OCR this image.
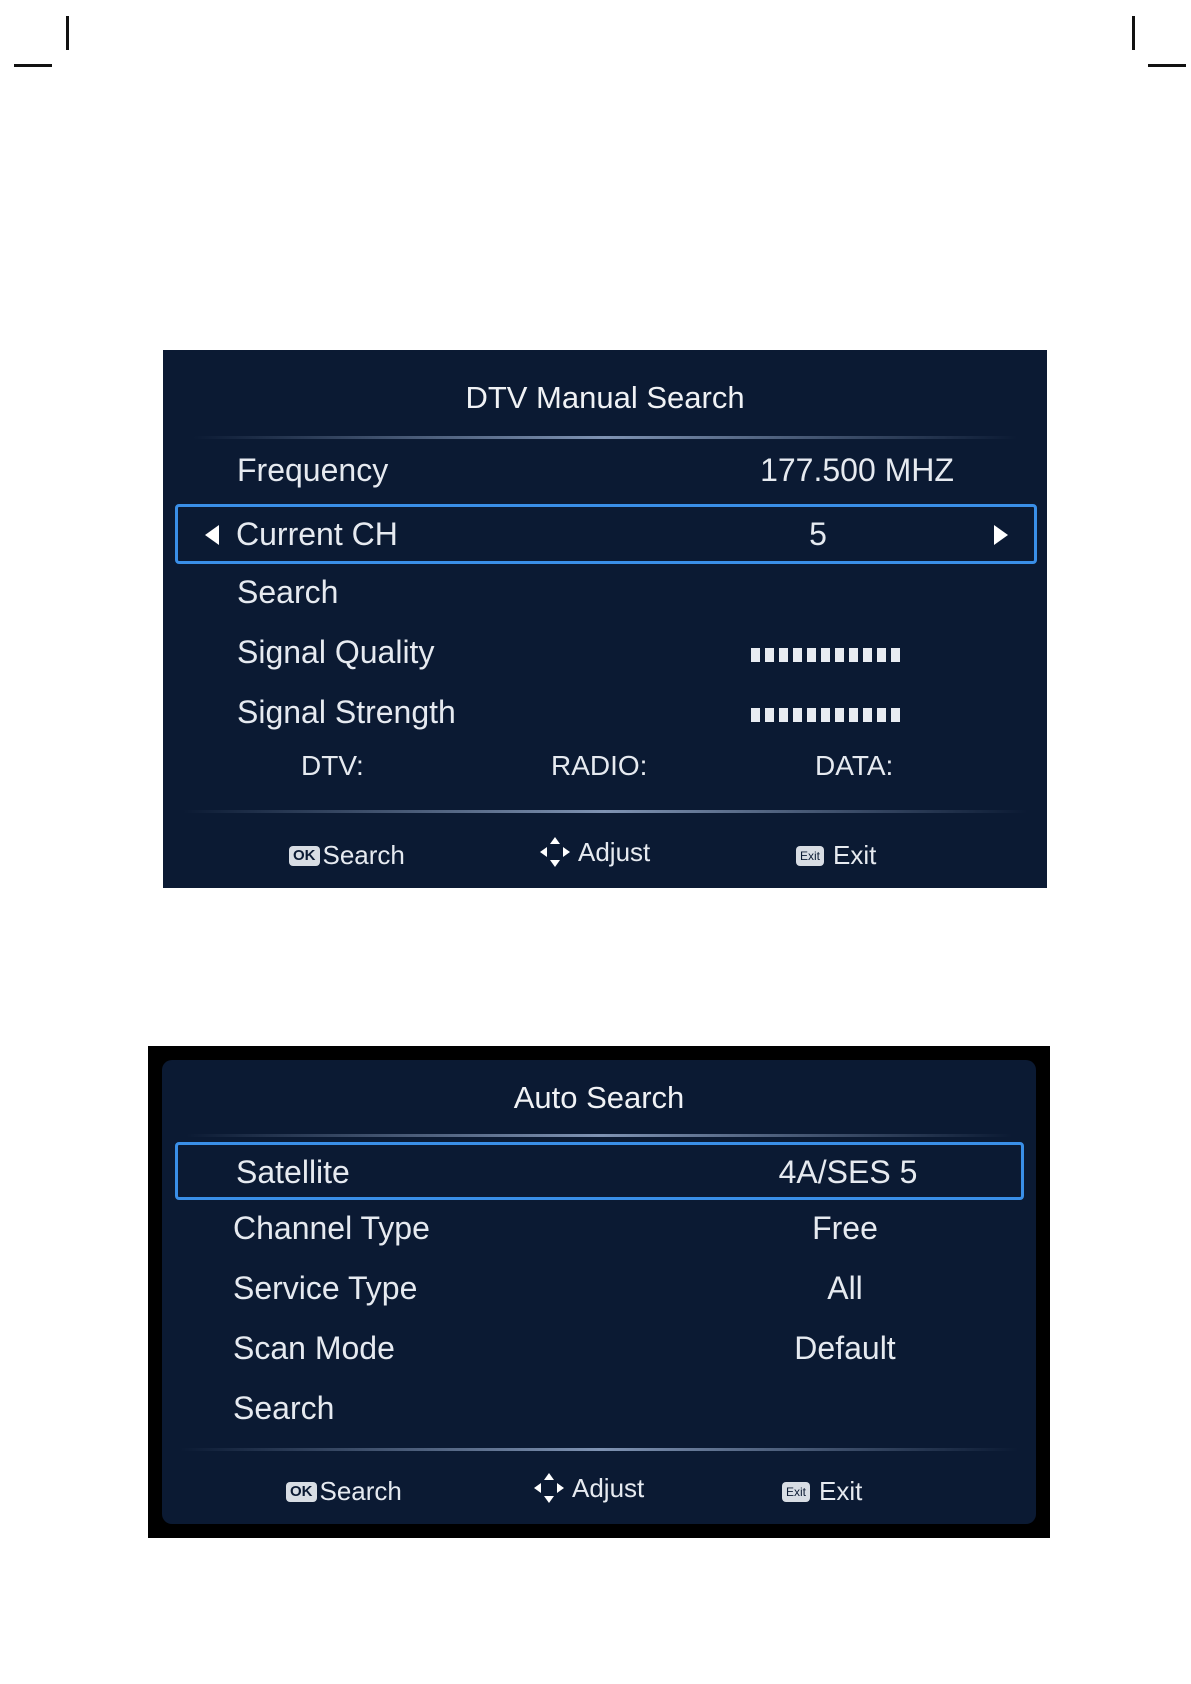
DTV Manual Search
Frequency	177.500 MHZ
Current CH	5
Search
Signal Quality
Signal Strength
DTV:	RADIO:	DATA:
OK Search	Adjust	Exit Exit
Auto Search
Satellite	4A/SES 5
Channel Type	Free
Service Type	All
Scan Mode	Default
Search
OK Search	Adjust	Exit Exit
